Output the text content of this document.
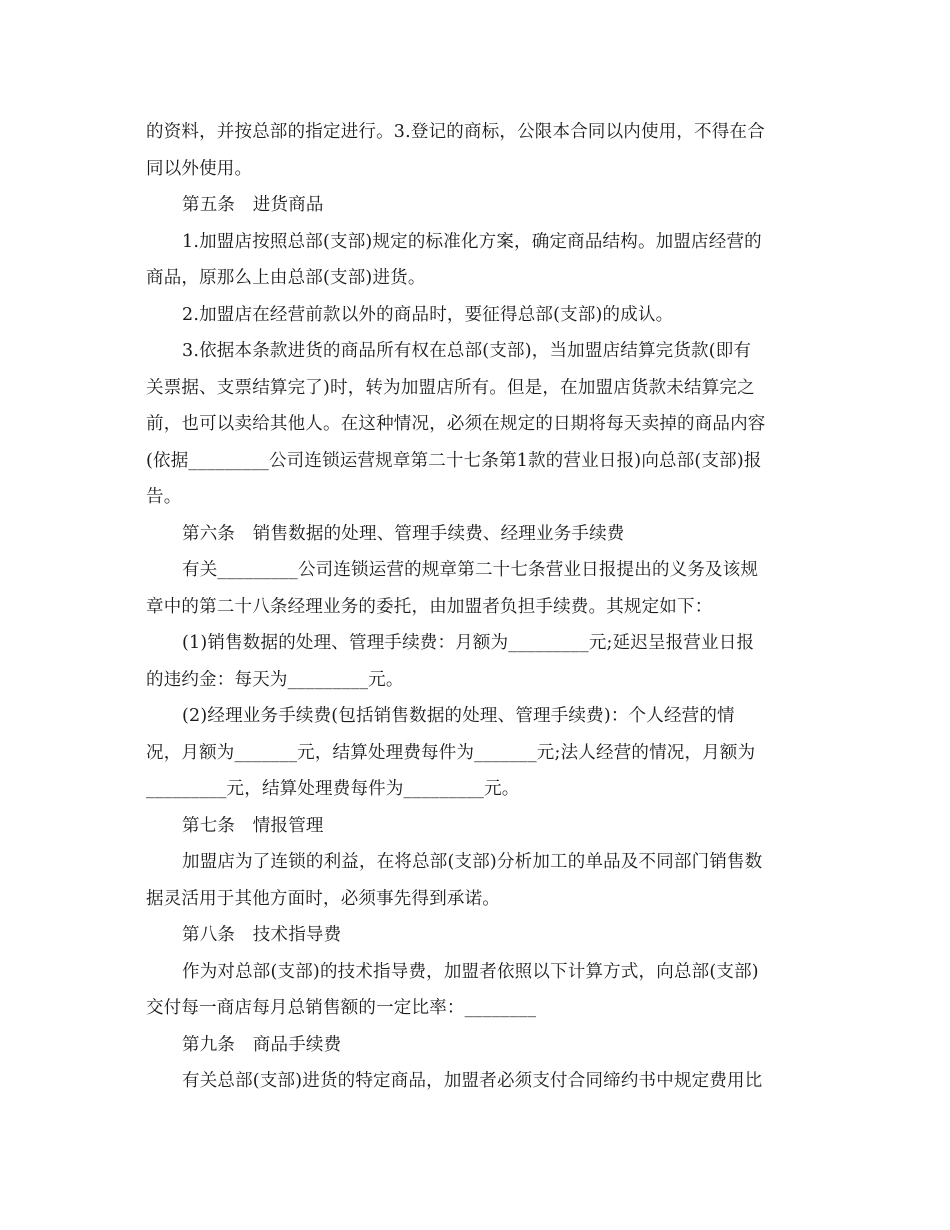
的资料，并按总部的指定进行。3.登记的商标，公限本合同以内使用，不得在合
同以外使用。
第五条　进货商品
1.加盟店按照总部(支部)规定的标准化方案，确定商品结构。加盟店经营的
商品，原那么上由总部(支部)进货。
2.加盟店在经营前款以外的商品时，要征得总部(支部)的成认。
3.依据本条款进货的商品所有权在总部(支部)，当加盟店结算完货款(即有
关票据、支票结算完了)时，转为加盟店所有。但是，在加盟店货款未结算完之
前，也可以卖给其他人。在这种情况，必须在规定的日期将每天卖掉的商品内容
(依据_________公司连锁运营规章第二十七条第1款的营业日报)向总部(支部)报
告。
第六条　销售数据的处理、管理手续费、经理业务手续费
有关_________公司连锁运营的规章第二十七条营业日报提出的义务及该规
章中的第二十八条经理业务的委托，由加盟者负担手续费。其规定如下：
(1)销售数据的处理、管理手续费：月额为_________元;延迟呈报营业日报
的违约金：每天为_________元。
(2)经理业务手续费(包括销售数据的处理、管理手续费)：个人经营的情
况，月额为_______元，结算处理费每件为_______元;法人经营的情况，月额为
_________元，结算处理费每件为_________元。
第七条　情报管理
加盟店为了连锁的利益，在将总部(支部)分析加工的单品及不同部门销售数
据灵活用于其他方面时，必须事先得到承诺。
第八条　技术指导费
作为对总部(支部)的技术指导费，加盟者依照以下计算方式，向总部(支部)
交付每一商店每月总销售额的一定比率：________
第九条　商品手续费
有关总部(支部)进货的特定商品，加盟者必须支付合同缔约书中规定费用比
